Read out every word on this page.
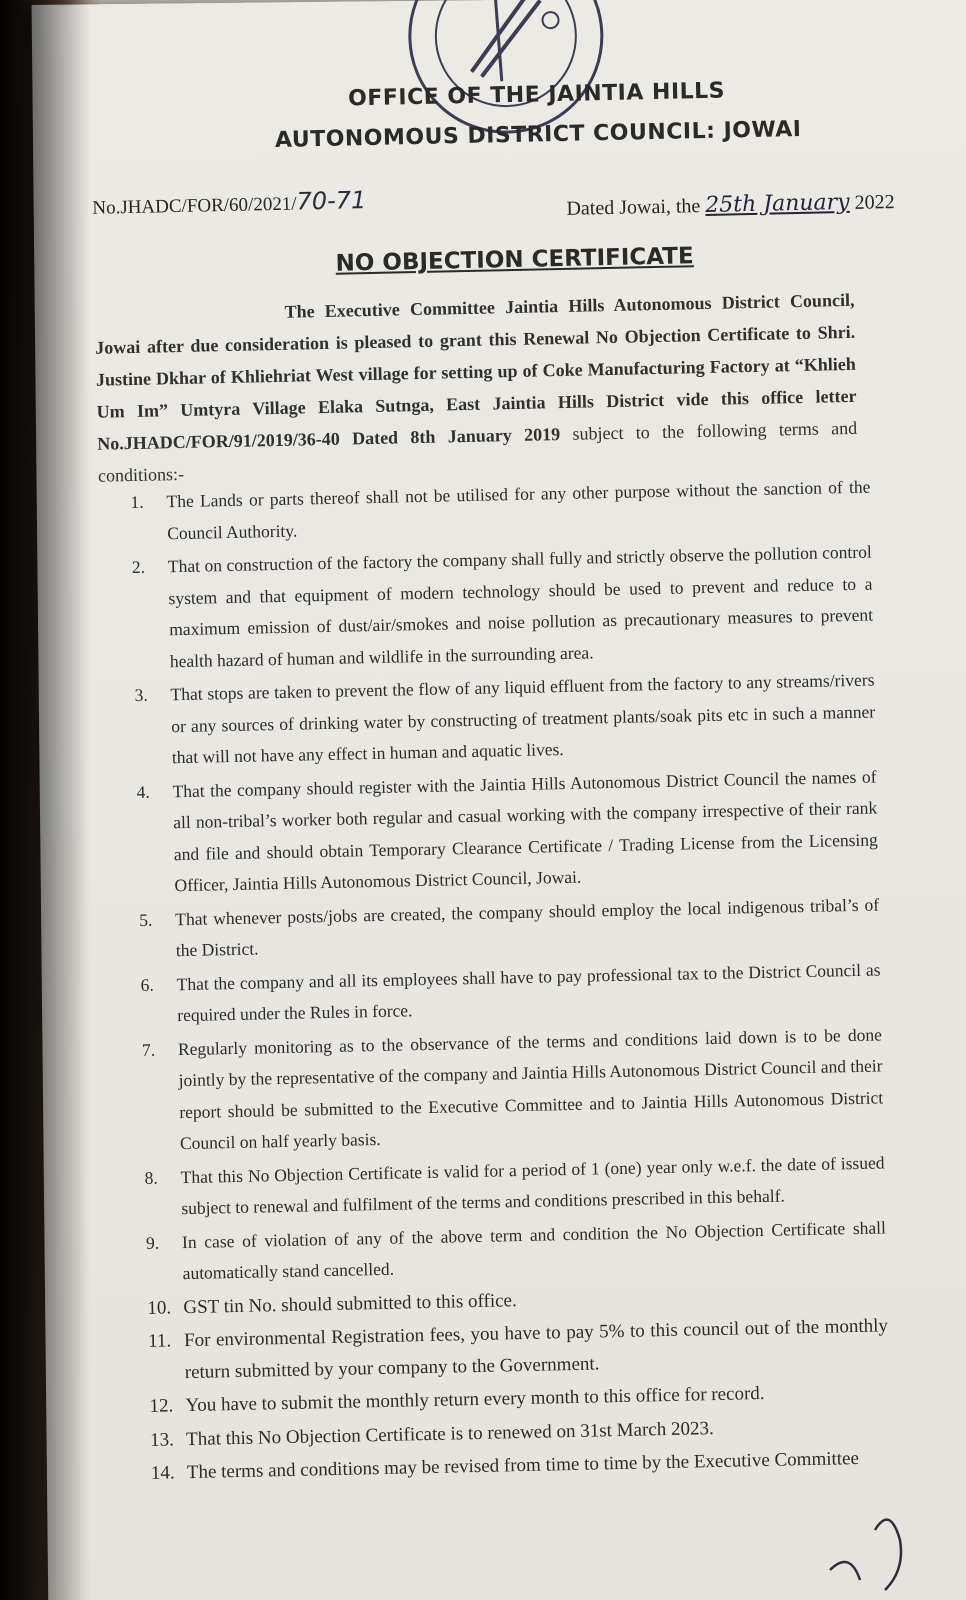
OFFICE OF THE JAINTIA HILLS
AUTONOMOUS DISTRICT COUNCIL: JOWAI
No.JHADC/FOR/60/2021/70-71	Dated Jowai, the 25th January 2022
NO OBJECTION CERTIFICATE
The Executive Committee Jaintia Hills Autonomous District Council, Jowai after due consideration is pleased to grant this Renewal No Objection Certificate to Shri. Justine Dkhar of Khliehriat West village for setting up of Coke Manufacturing Factory at “Khlieh Um Im” Umtyra Village Elaka Sutnga, East Jaintia Hills District vide this office letter No.JHADC/FOR/91/2019/36-40 Dated 8th January 2019 subject to the following terms and conditions:-
1. The Lands or parts thereof shall not be utilised for any other purpose without the sanction of the Council Authority.
2. That on construction of the factory the company shall fully and strictly observe the pollution control system and that equipment of modern technology should be used to prevent and reduce to a maximum emission of dust/air/smokes and noise pollution as precautionary measures to prevent health hazard of human and wildlife in the surrounding area.
3. That stops are taken to prevent the flow of any liquid effluent from the factory to any streams/rivers or any sources of drinking water by constructing of treatment plants/soak pits etc in such a manner that will not have any effect in human and aquatic lives.
4. That the company should register with the Jaintia Hills Autonomous District Council the names of all non-tribal’s worker both regular and casual working with the company irrespective of their rank and file and should obtain Temporary Clearance Certificate / Trading License from the Licensing Officer, Jaintia Hills Autonomous District Council, Jowai.
5. That whenever posts/jobs are created, the company should employ the local indigenous tribal’s of the District.
6. That the company and all its employees shall have to pay professional tax to the District Council as required under the Rules in force.
7. Regularly monitoring as to the observance of the terms and conditions laid down is to be done jointly by the representative of the company and Jaintia Hills Autonomous District Council and their report should be submitted to the Executive Committee and to Jaintia Hills Autonomous District Council on half yearly basis.
8. That this No Objection Certificate is valid for a period of 1 (one) year only w.e.f. the date of issued subject to renewal and fulfilment of the terms and conditions prescribed in this behalf.
9. In case of violation of any of the above term and condition the No Objection Certificate shall automatically stand cancelled.
10. GST tin No. should submitted to this office.
11. For environmental Registration fees, you have to pay 5% to this council out of the monthly return submitted by your company to the Government.
12. You have to submit the monthly return every month to this office for record.
13. That this No Objection Certificate is to renewed on 31st March 2023.
14. The terms and conditions may be revised from time to time by the Executive Committee
